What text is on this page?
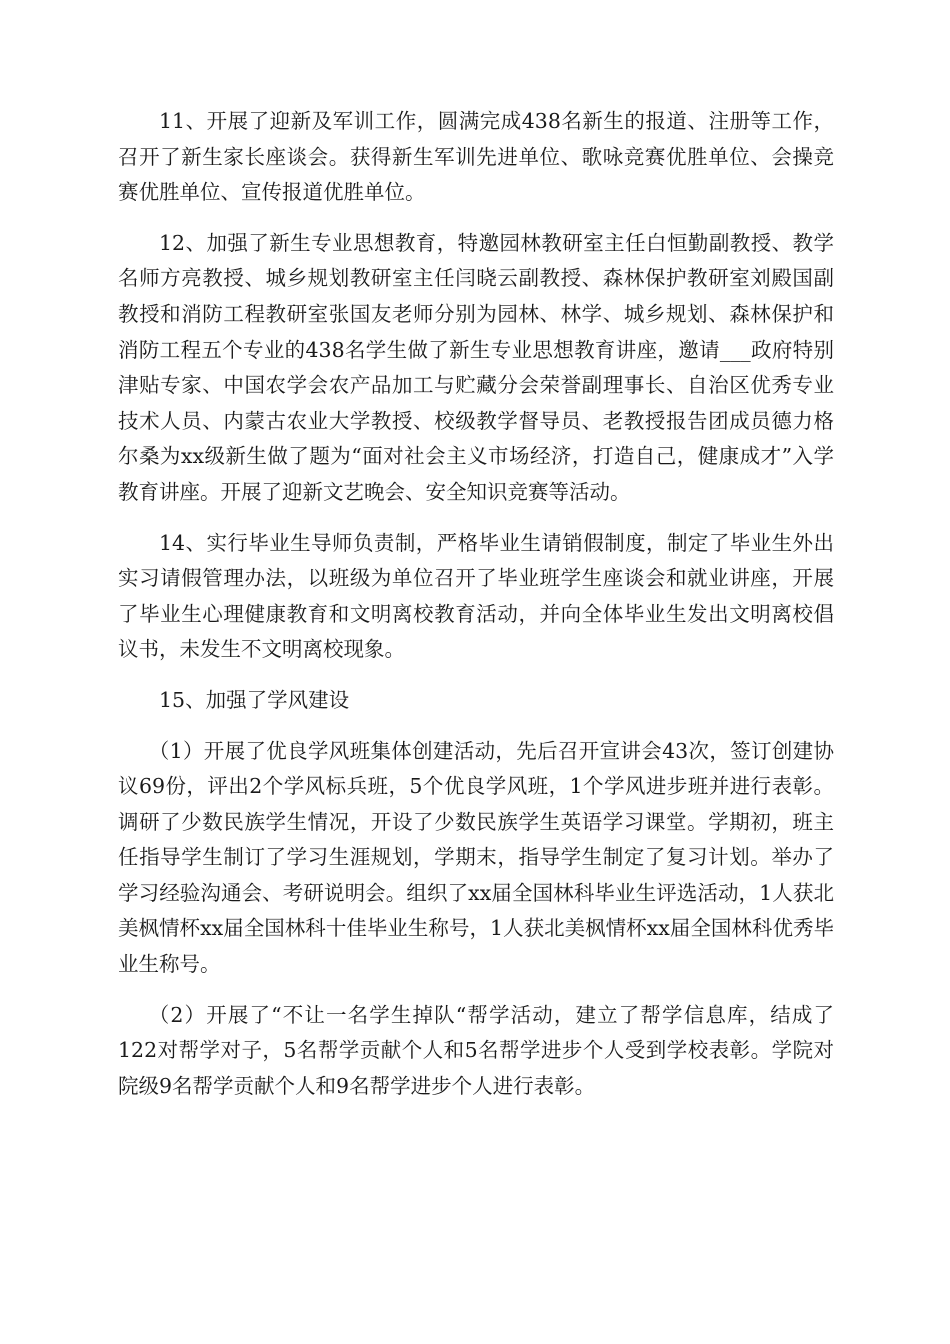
11、开展了迎新及军训工作，圆满完成438名新生的报道、注册等工作，召开了新生家长座谈会。获得新生军训先进单位、歌咏竞赛优胜单位、会操竞赛优胜单位、宣传报道优胜单位。

12、加强了新生专业思想教育，特邀园林教研室主任白恒勤副教授、教学名师方亮教授、城乡规划教研室主任闫晓云副教授、森林保护教研室刘殿国副教授和消防工程教研室张国友老师分别为园林、林学、城乡规划、森林保护和消防工程五个专业的438名学生做了新生专业思想教育讲座，邀请___政府特别津贴专家、中国农学会农产品加工与贮藏分会荣誉副理事长、自治区优秀专业技术人员、内蒙古农业大学教授、校级教学督导员、老教授报告团成员德力格尔桑为xx级新生做了题为“面对社会主义市场经济，打造自己，健康成才”入学教育讲座。开展了迎新文艺晚会、安全知识竞赛等活动。

14、实行毕业生导师负责制，严格毕业生请销假制度，制定了毕业生外出实习请假管理办法，以班级为单位召开了毕业班学生座谈会和就业讲座，开展了毕业生心理健康教育和文明离校教育活动，并向全体毕业生发出文明离校倡议书，未发生不文明离校现象。

15、加强了学风建设

（1）开展了优良学风班集体创建活动，先后召开宣讲会43次，签订创建协议69份，评出2个学风标兵班，5个优良学风班，1个学风进步班并进行表彰。调研了少数民族学生情况，开设了少数民族学生英语学习课堂。学期初，班主任指导学生制订了学习生涯规划，学期末，指导学生制定了复习计划。举办了学习经验沟通会、考研说明会。组织了xx届全国林科毕业生评选活动，1人获北美枫情杯xx届全国林科十佳毕业生称号，1人获北美枫情杯xx届全国林科优秀毕业生称号。

（2）开展了“不让一名学生掉队“帮学活动，建立了帮学信息库，结成了122对帮学对子，5名帮学贡献个人和5名帮学进步个人受到学校表彰。学院对院级9名帮学贡献个人和9名帮学进步个人进行表彰。
